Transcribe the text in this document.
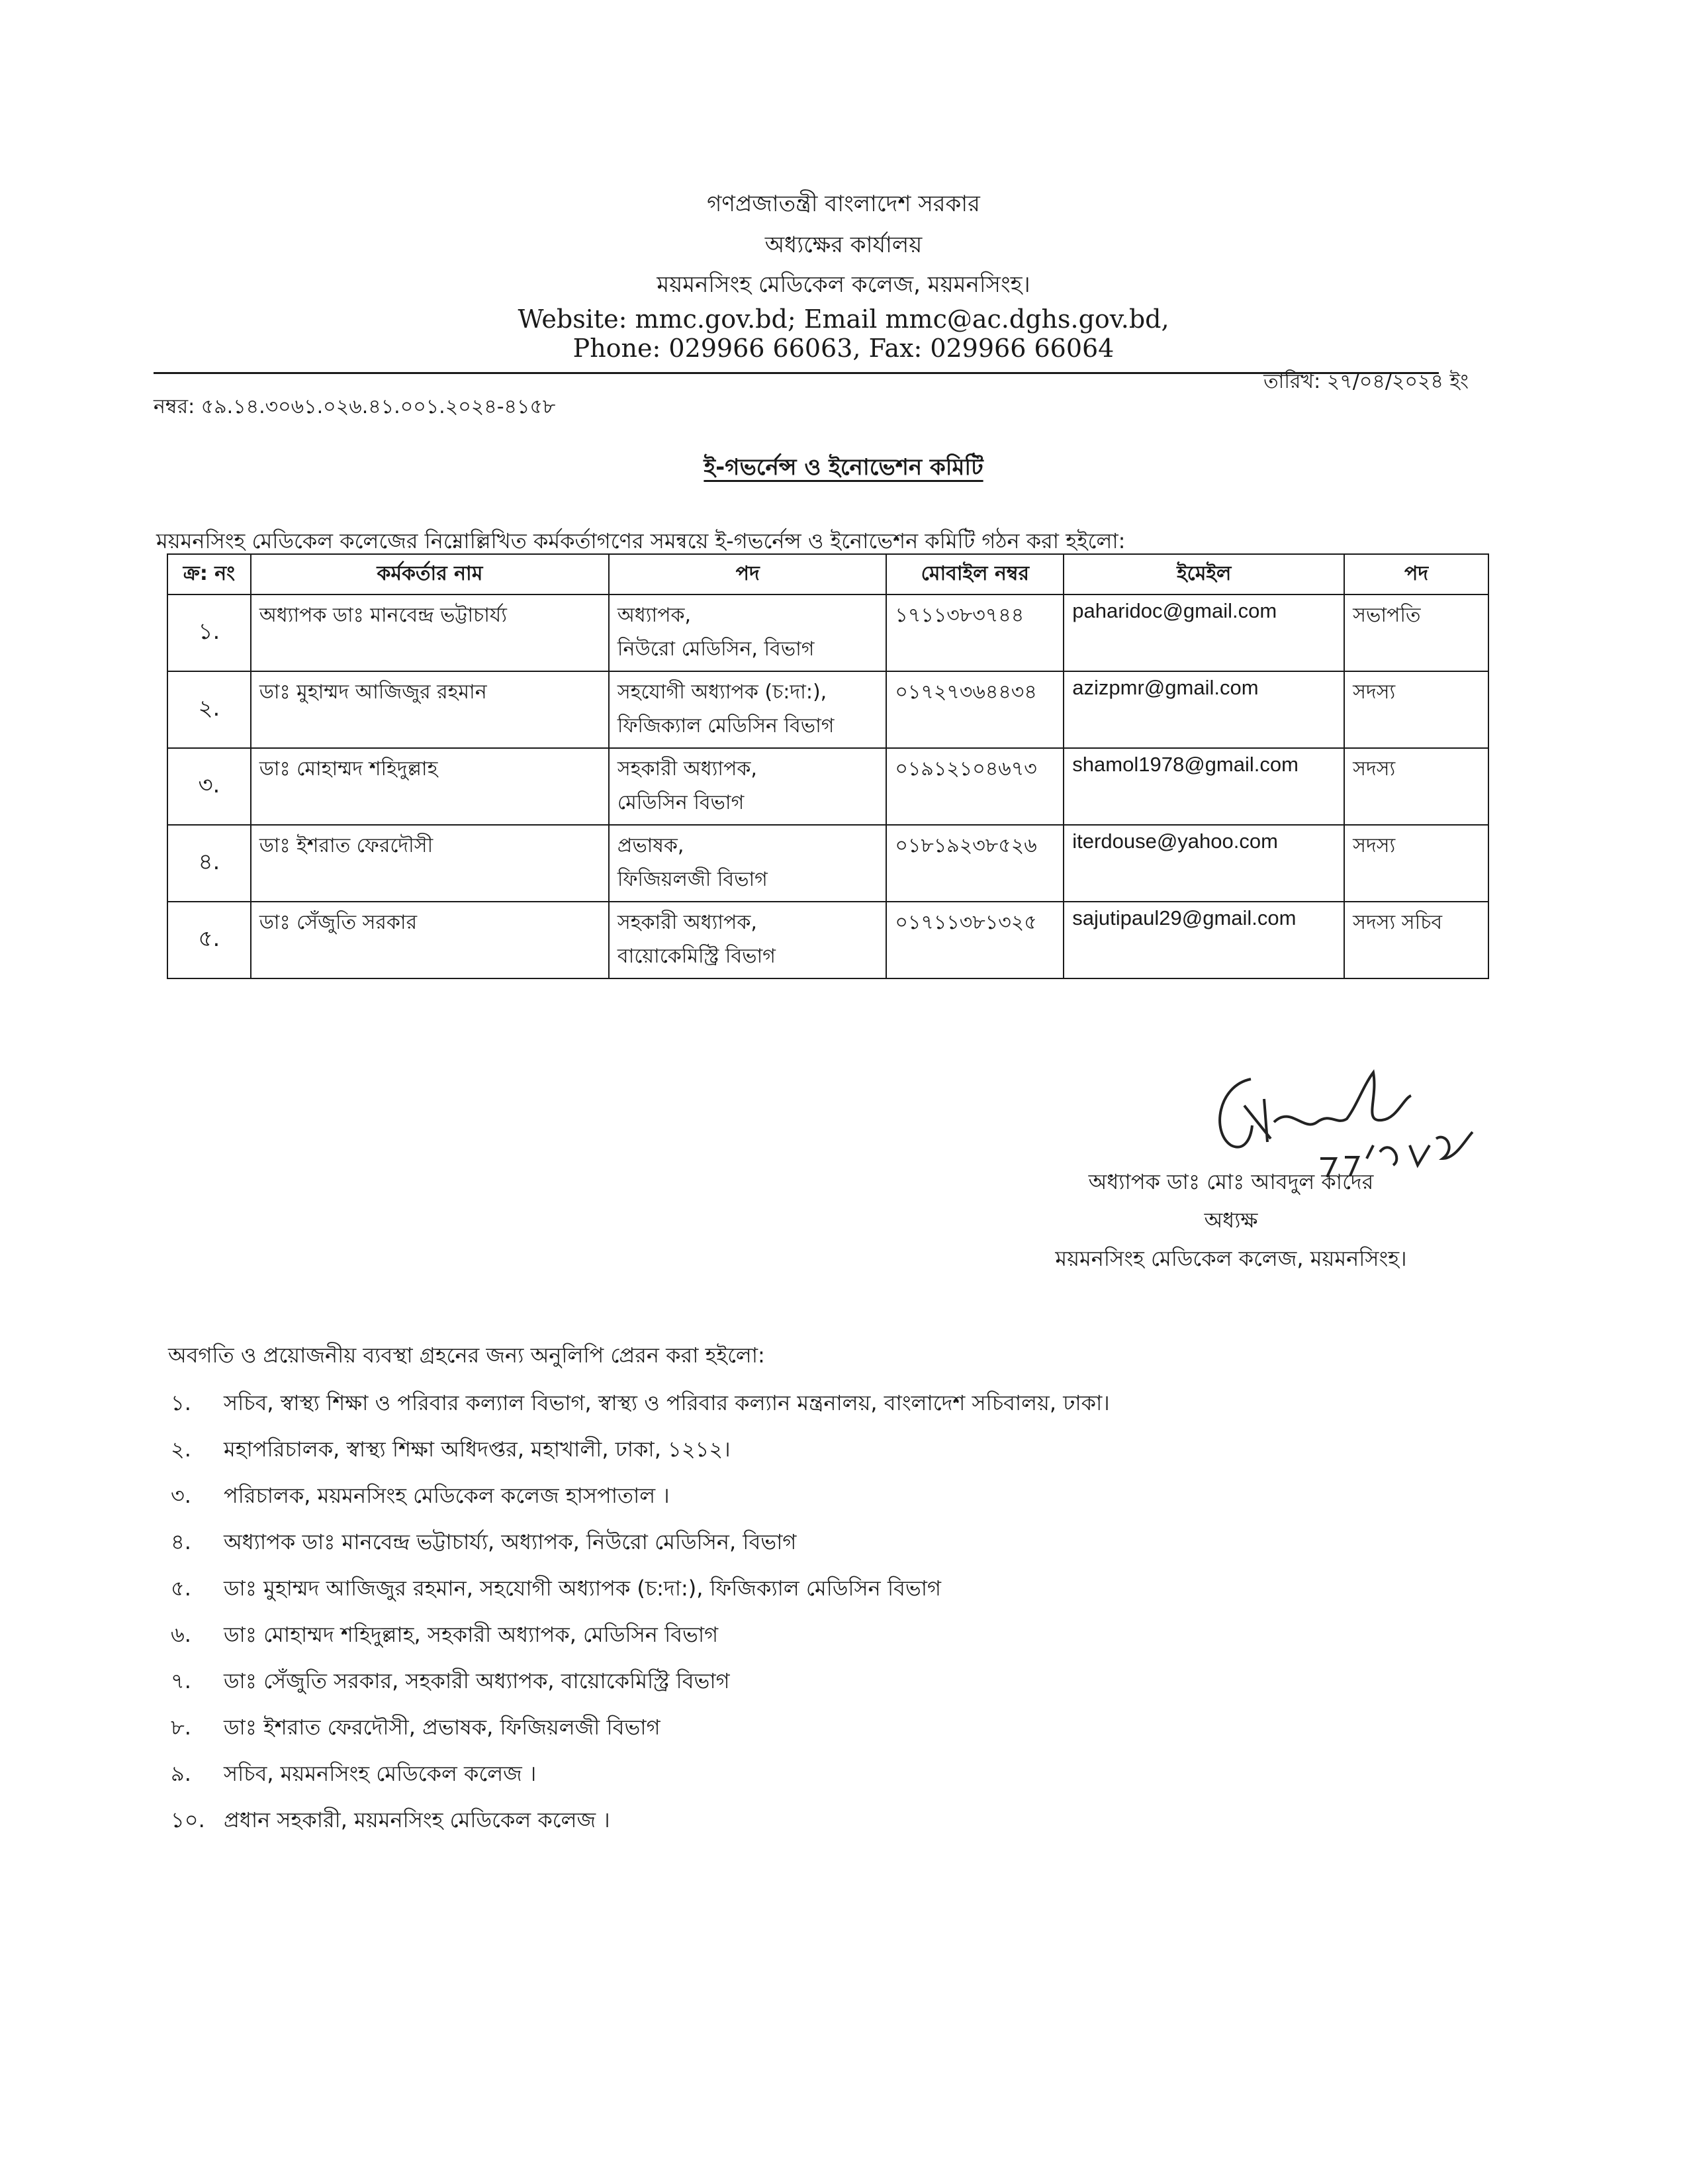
গণপ্রজাতন্ত্রী বাংলাদেশ সরকার
অধ্যক্ষের কার্যালয়
ময়মনসিংহ মেডিকেল কলেজ, ময়মনসিংহ।
Website: mmc.gov.bd; Email mmc@ac.dghs.gov.bd,
Phone: 029966 66063, Fax: 029966 66064
নম্বর: ৫৯.১৪.৩০৬১.০২৬.৪১.০০১.২০২৪-৪১৫৮
তারিখ: ২৭/০৪/২০২৪ ইং
ই-গভর্নেন্স ও ইনোভেশন কমিটি
ময়মনসিংহ মেডিকেল কলেজের নিম্নোল্লিখিত কর্মকর্তাগণের সমন্বয়ে ই-গভর্নেন্স ও ইনোভেশন কমিটি গঠন করা হইলো:
ক্র: নং	কর্মকর্তার নাম	পদ	মোবাইল নম্বর	ইমেইল	পদ
১.	অধ্যাপক ডাঃ মানবেন্দ্র ভট্টাচার্য্য	অধ্যাপক,
নিউরো মেডিসিন, বিভাগ	১৭১১৩৮৩৭৪৪	paharidoc@gmail.com	সভাপতি
২.	ডাঃ মুহাম্মদ আজিজুর রহমান	সহযোগী অধ্যাপক (চ:দা:),
ফিজিক্যাল মেডিসিন বিভাগ	০১৭২৭৩৬৪৪৩৪	azizpmr@gmail.com	সদস্য
৩.	ডাঃ মোহাম্মদ শহিদুল্লাহ	সহকারী অধ্যাপক,
মেডিসিন বিভাগ	০১৯১২১০৪৬৭৩	shamol1978@gmail.com	সদস্য
৪.	ডাঃ ইশরাত ফেরদৌসী	প্রভাষক,
ফিজিয়লজী বিভাগ	০১৮১৯২৩৮৫২৬	iterdouse@yahoo.com	সদস্য
৫.	ডাঃ সেঁজুতি সরকার	সহকারী অধ্যাপক,
বায়োকেমিস্ট্রি বিভাগ	০১৭১১৩৮১৩২৫	sajutipaul29@gmail.com	সদস্য সচিব
অধ্যাপক ডাঃ মোঃ আবদুল কাদের
অধ্যক্ষ
ময়মনসিংহ মেডিকেল কলেজ, ময়মনসিংহ।
অবগতি ও প্রয়োজনীয় ব্যবস্থা গ্রহনের জন্য অনুলিপি প্রেরন করা হইলো:
১.	সচিব, স্বাস্থ্য শিক্ষা ও পরিবার কল্যাল বিভাগ, স্বাস্থ্য ও পরিবার কল্যান মন্ত্রনালয়, বাংলাদেশ সচিবালয়, ঢাকা।
২.	মহাপরিচালক, স্বাস্থ্য শিক্ষা অধিদপ্তর, মহাখালী, ঢাকা, ১২১২।
৩.	পরিচালক, ময়মনসিংহ মেডিকেল কলেজ হাসপাতাল ।
৪.	অধ্যাপক ডাঃ মানবেন্দ্র ভট্টাচার্য্য, অধ্যাপক, নিউরো মেডিসিন, বিভাগ
৫.	ডাঃ মুহাম্মদ আজিজুর রহমান, সহযোগী অধ্যাপক (চ:দা:), ফিজিক্যাল মেডিসিন বিভাগ
৬.	ডাঃ মোহাম্মদ শহিদুল্লাহ, সহকারী অধ্যাপক, মেডিসিন বিভাগ
৭.	ডাঃ সেঁজুতি সরকার, সহকারী অধ্যাপক, বায়োকেমিস্ট্রি বিভাগ
৮.	ডাঃ ইশরাত ফেরদৌসী, প্রভাষক, ফিজিয়লজী বিভাগ
৯.	সচিব, ময়মনসিংহ মেডিকেল কলেজ ।
১০. প্রধান সহকারী, ময়মনসিংহ মেডিকেল কলেজ ।
